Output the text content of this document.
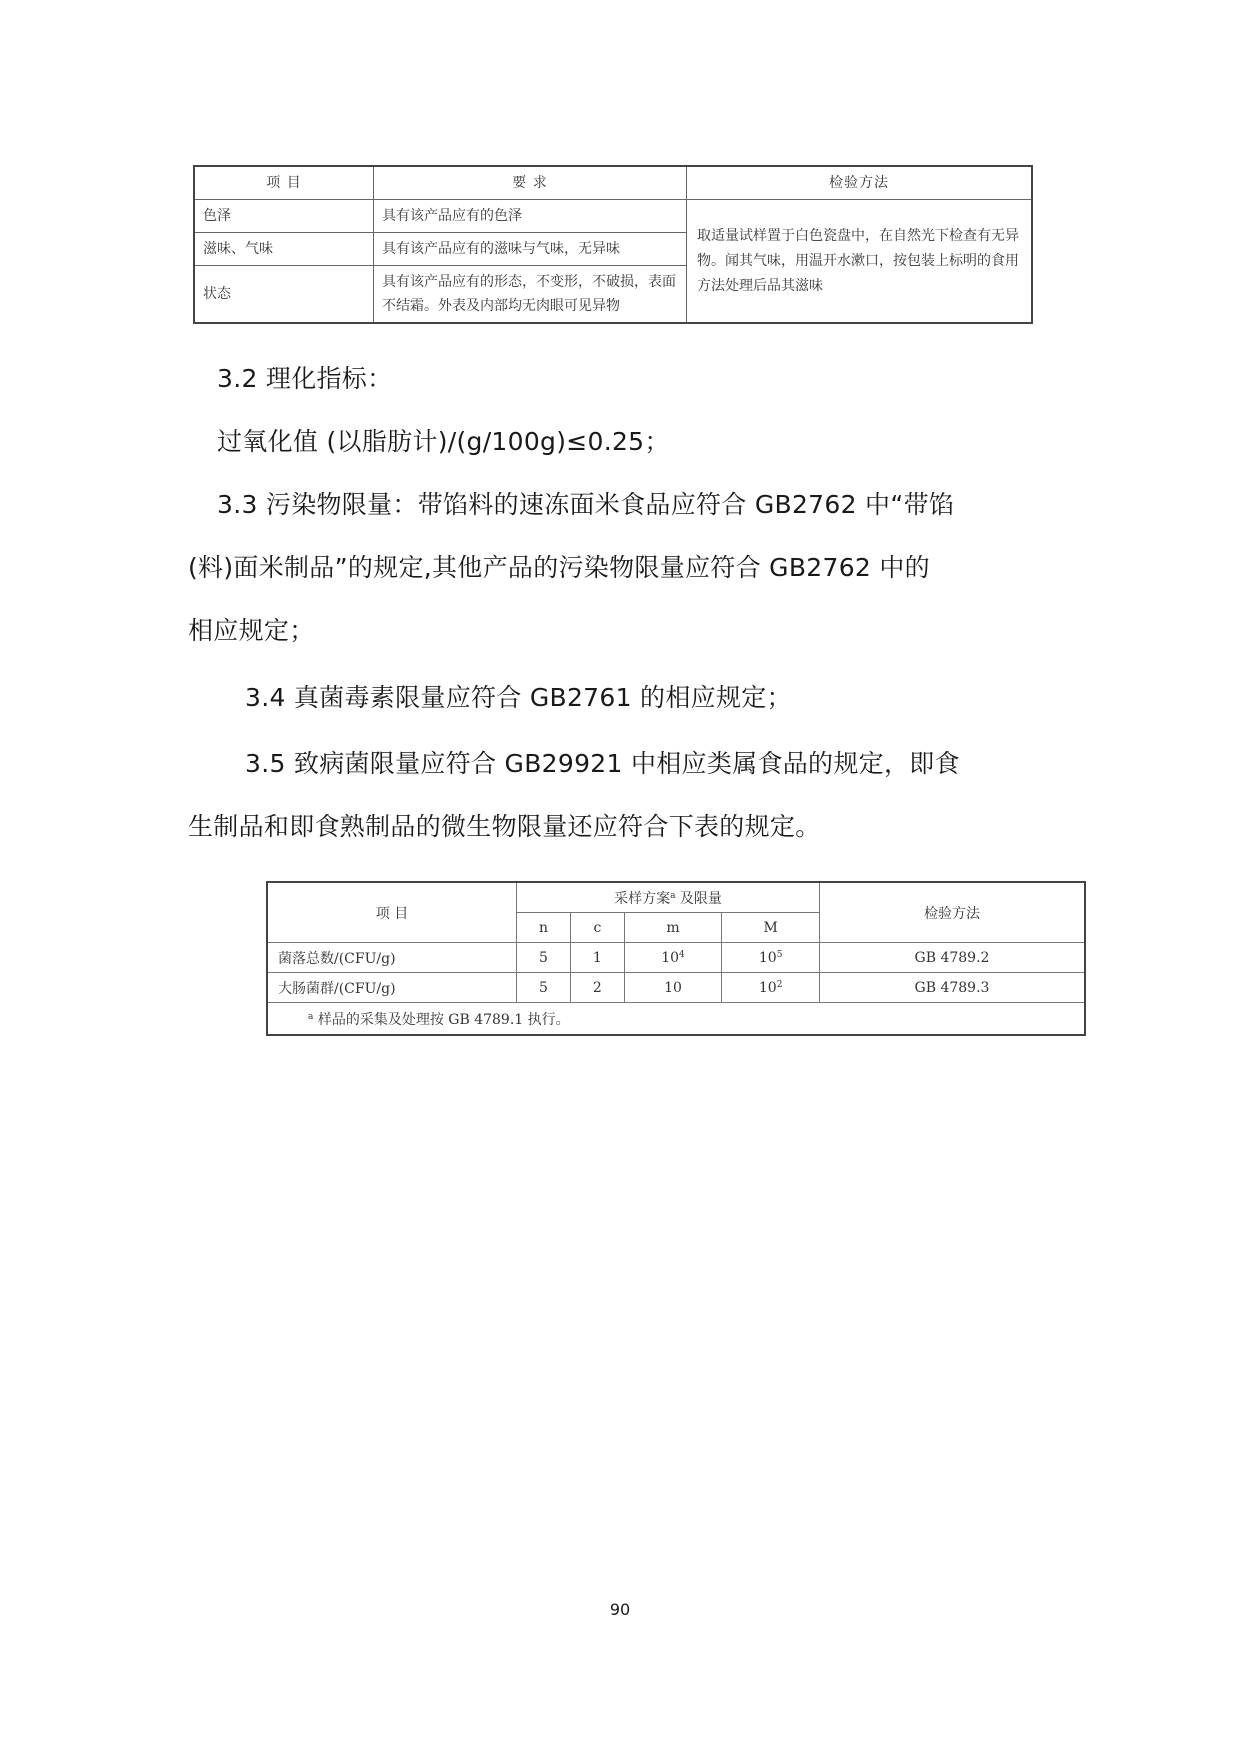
项 目	要 求	检验方法
色泽	具有该产品应有的色泽	取适量试样置于白色瓷盘中，在自然光下检查有无异物。闻其气味，用温开水漱口，按包装上标明的食用方法处理后品其滋味
滋味、气味	具有该产品应有的滋味与气味，无异味	
状态	具有该产品应有的形态，不变形，不破损，表面不结霜。外表及内部均无肉眼可见异物	
3.2 理化指标：
过氧化值 (以脂肪计)/(g/100g)≤0.25；
3.3 污染物限量：带馅料的速冻面米食品应符合 GB2762 中“带馅
(料)面米制品”的规定,其他产品的污染物限量应符合 GB2762 中的
相应规定；
3.4 真菌毒素限量应符合 GB2761 的相应规定；
3.5 致病菌限量应符合 GB29921 中相应类属食品的规定，即食
生制品和即食熟制品的微生物限量还应符合下表的规定。
项 目	采样方案$^a$ 及限量				检验方法
	n	c	m	M	
菌落总数/(CFU/g)	5	1	$10^4$	$10^5$	GB 4789.2
大肠菌群/(CFU/g)	5	2	10	$10^2$	GB 4789.3
$^a$ 样品的采集及处理按 GB 4789.1 执行。					
90
